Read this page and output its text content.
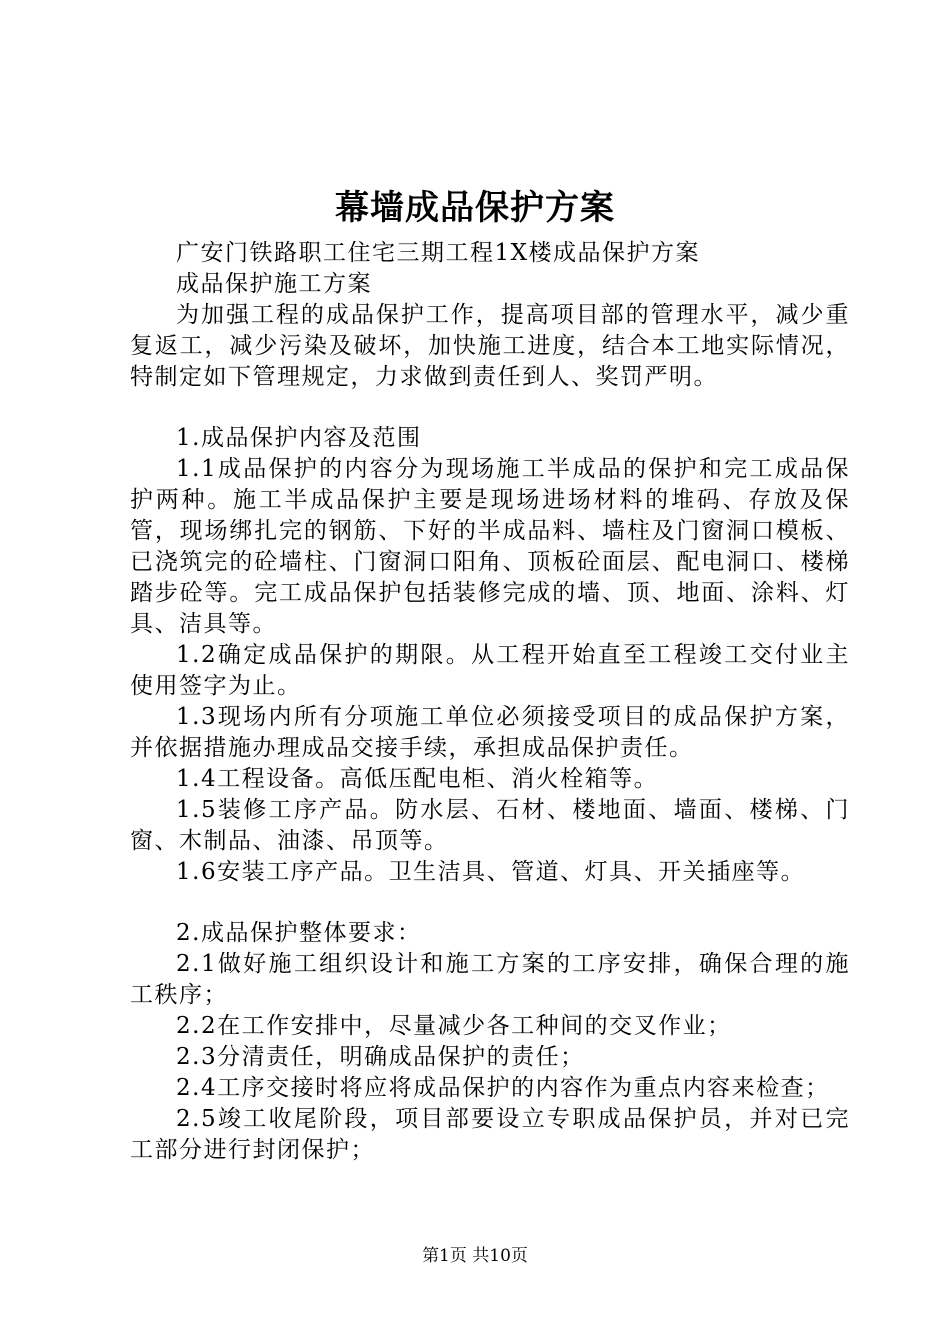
幕墙成品保护方案

广安门铁路职工住宅三期工程1X楼成品保护方案

成品保护施工方案

为加强工程的成品保护工作，提高项目部的管理水平，减少重复返工，减少污染及破坏，加快施工进度，结合本工地实际情况，特制定如下管理规定，力求做到责任到人、奖罚严明。

1.成品保护内容及范围

1.1成品保护的内容分为现场施工半成品的保护和完工成品保护两种。施工半成品保护主要是现场进场材料的堆码、存放及保管，现场绑扎完的钢筋、下好的半成品料、墙柱及门窗洞口模板、已浇筑完的砼墙柱、门窗洞口阳角、顶板砼面层、配电洞口、楼梯踏步砼等。完工成品保护包括装修完成的墙、顶、地面、涂料、灯具、洁具等。

1.2确定成品保护的期限。从工程开始直至工程竣工交付业主使用签字为止。

1.3现场内所有分项施工单位必须接受项目的成品保护方案，并依据措施办理成品交接手续，承担成品保护责任。

1.4工程设备。高低压配电柜、消火栓箱等。

1.5装修工序产品。防水层、石材、楼地面、墙面、楼梯、门窗、木制品、油漆、吊顶等。

1.6安装工序产品。卫生洁具、管道、灯具、开关插座等。

2.成品保护整体要求：

2.1做好施工组织设计和施工方案的工序安排，确保合理的施工秩序；

2.2在工作安排中，尽量减少各工种间的交叉作业；

2.3分清责任，明确成品保护的责任；

2.4工序交接时将应将成品保护的内容作为重点内容来检查；

2.5竣工收尾阶段，项目部要设立专职成品保护员，并对已完工部分进行封闭保护；

第1页 共10页
